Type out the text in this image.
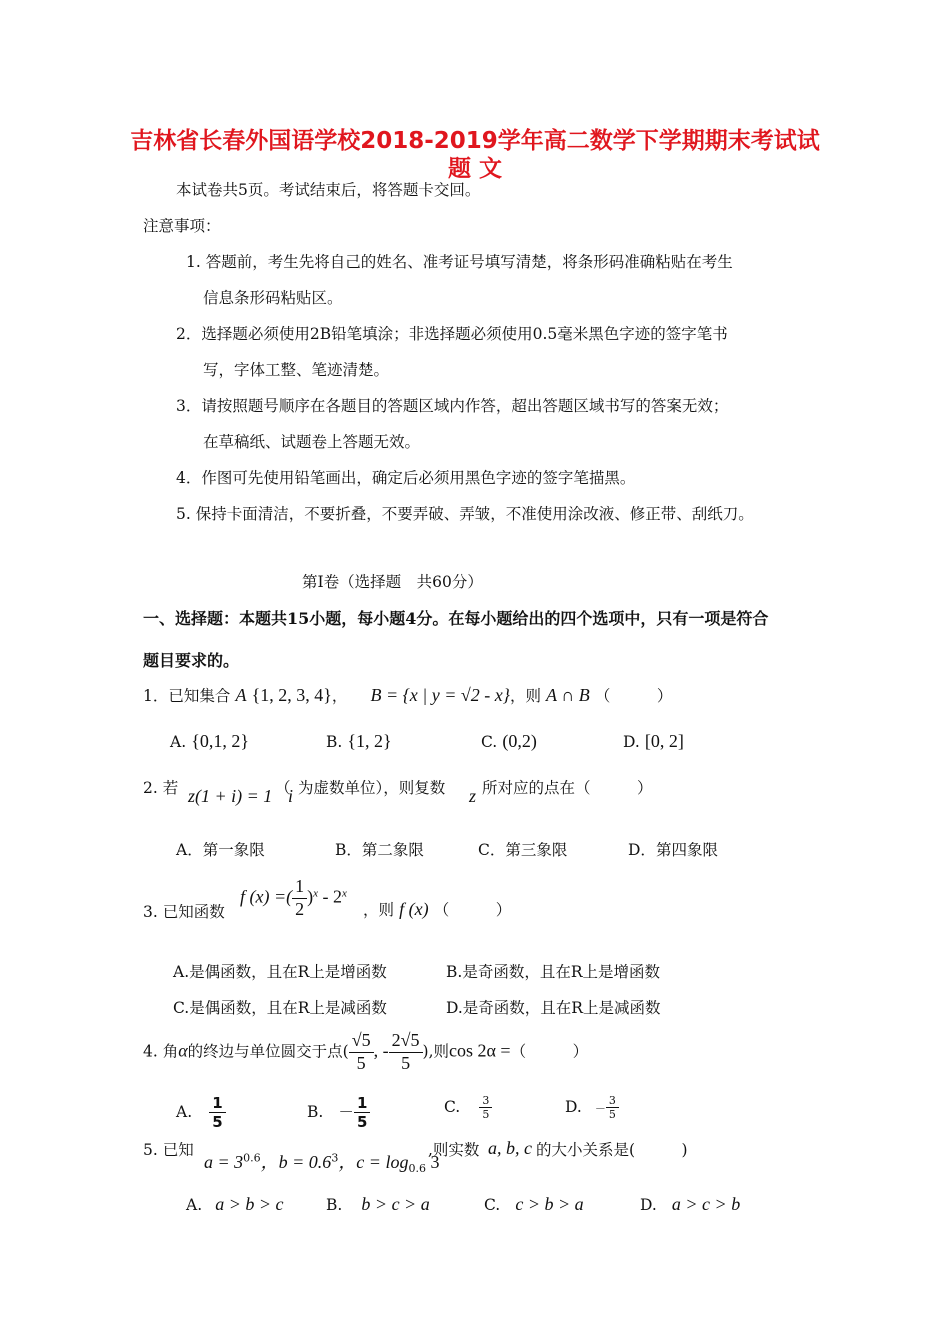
吉林省长春外国语学校2018-2019学年高二数学下学期期末考试试
题 文
本试卷共5页。考试结束后，将答题卡交回。
注意事项：
1. 答题前，考生先将自己的姓名、准考证号填写清楚，将条形码准确粘贴在考生
信息条形码粘贴区。
2．选择题必须使用2B铅笔填涂；非选择题必须使用0.5毫米黑色字迹的签字笔书
写，字体工整、笔迹清楚。
3．请按照题号顺序在各题目的答题区域内作答，超出答题区域书写的答案无效；
在草稿纸、试题卷上答题无效。
4．作图可先使用铅笔画出，确定后必须用黑色字迹的签字笔描黑。
5. 保持卡面清洁，不要折叠，不要弄破、弄皱，不准使用涂改液、修正带、刮纸刀。
第Ⅰ卷（选择题　共60分）
一、选择题：本题共15小题，每小题4分。在每小题给出的四个选项中，只有一项是符合
题目要求的。
1．已知集合 A {1, 2, 3, 4}， B = {x | y = √2 - x}，则 A ∩ B （　　　）
A. {0,1, 2}	B. {1, 2}	C. (0,2)	D. [0, 2]
2. 若 z(1 + i) = 1 （
i 为虚数单位），则复数 z 所对应的点在（　　　）
A．第一象限	B．第二象限	C．第三象限	D．第四象限
3. 已知函数
f (x) =( $\frac{1}{2} )^x - 2^x$
，则 f (x) （　　　）
A.是偶函数，且在R上是增函数	B.是奇函数，且在R上是增函数
C.是偶函数，且在R上是减函数	D.是奇函数，且在R上是减函数
4. 角α的终边与单位圆交于点( $\frac{√5}{5}$ , - $\frac{2√5}{5}$ ),则cos 2α =（　　　）
A. $\frac{1}{5}$	B. － $\frac{1}{5}$	C. $\frac{3}{5}$	D. － $\frac{3}{5}$
5. 已知
$a = 3^{0.6}$，$b = 0.6^3$，$c = \log_{0.6} 3$
,则实数 a, b, c 的大小关系是(　　　)
A. a > b > c	B. b > c > a	C. c > b > a	D. a > c > b
